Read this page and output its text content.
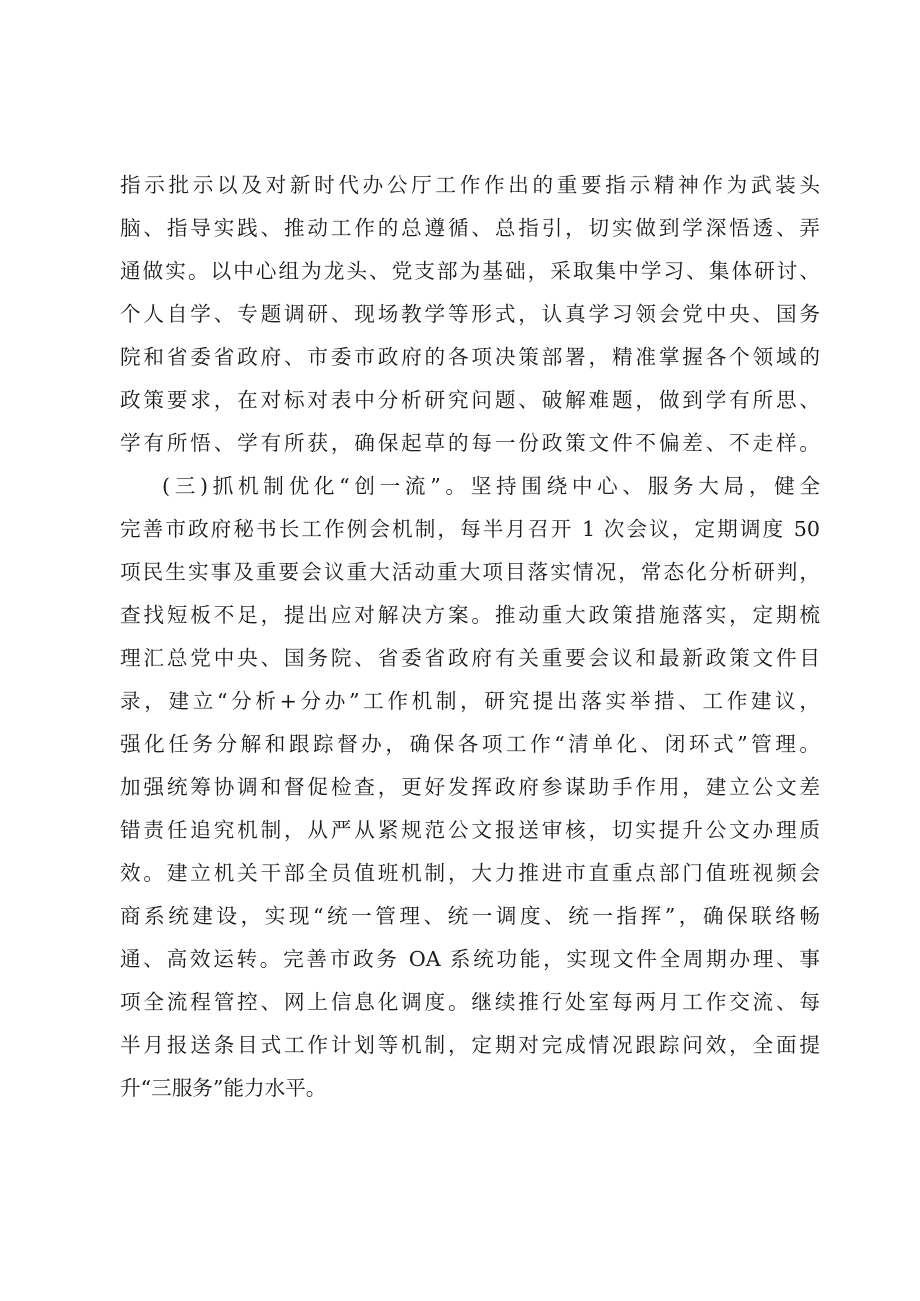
指示批示以及对新时代办公厅工作作出的重要指示精神作为武装头
脑、指导实践、推动工作的总遵循、总指引，切实做到学深悟透、弄
通做实。以中心组为龙头、党支部为基础，采取集中学习、集体研讨、
个人自学、专题调研、现场教学等形式，认真学习领会党中央、国务
院和省委省政府、市委市政府的各项决策部署，精准掌握各个领域的
政策要求，在对标对表中分析研究问题、破解难题，做到学有所思、
学有所悟、学有所获，确保起草的每一份政策文件不偏差、不走样。
(三)抓机制优化“创一流”。坚持围绕中心、服务大局，健全
完善市政府秘书长工作例会机制，每半月召开 1 次会议，定期调度 50
项民生实事及重要会议重大活动重大项目落实情况，常态化分析研判，
查找短板不足，提出应对解决方案。推动重大政策措施落实，定期梳
理汇总党中央、国务院、省委省政府有关重要会议和最新政策文件目
录，建立“分析+分办”工作机制，研究提出落实举措、工作建议，
强化任务分解和跟踪督办，确保各项工作“清单化、闭环式”管理。
加强统筹协调和督促检查，更好发挥政府参谋助手作用，建立公文差
错责任追究机制，从严从紧规范公文报送审核，切实提升公文办理质
效。建立机关干部全员值班机制，大力推进市直重点部门值班视频会
商系统建设，实现“统一管理、统一调度、统一指挥”，确保联络畅
通、高效运转。完善市政务 OA 系统功能，实现文件全周期办理、事
项全流程管控、网上信息化调度。继续推行处室每两月工作交流、每
半月报送条目式工作计划等机制，定期对完成情况跟踪问效，全面提
升“三服务”能力水平。
